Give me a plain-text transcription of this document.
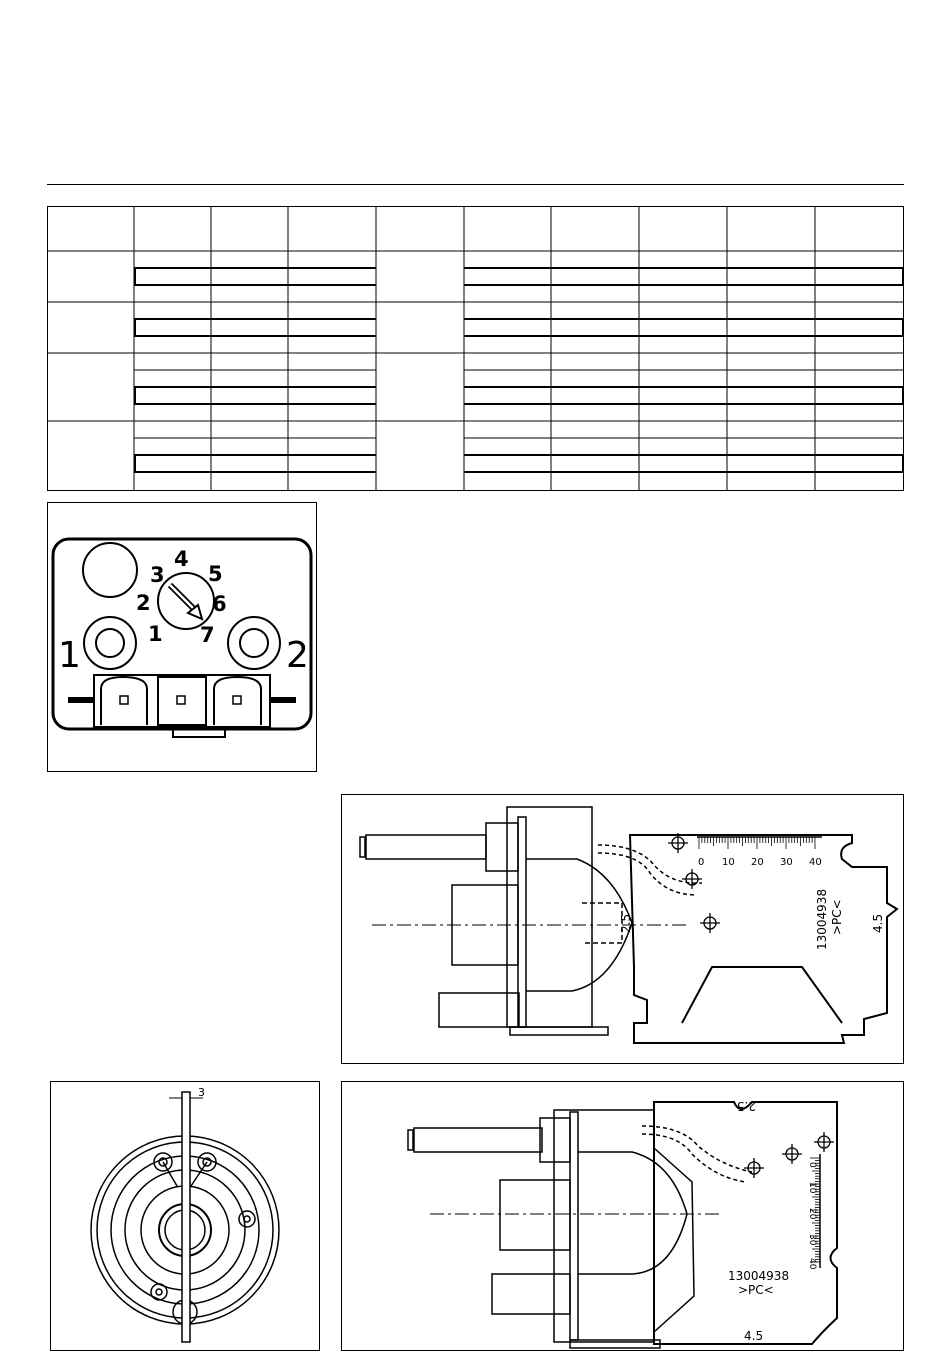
3
4
5
2	6
1 7
1	2
0 10 20 30 40
13004938 >PC<
2.5	4.5
3
0
10
20
30
40
13004938
>PC<
2.5
4.5
